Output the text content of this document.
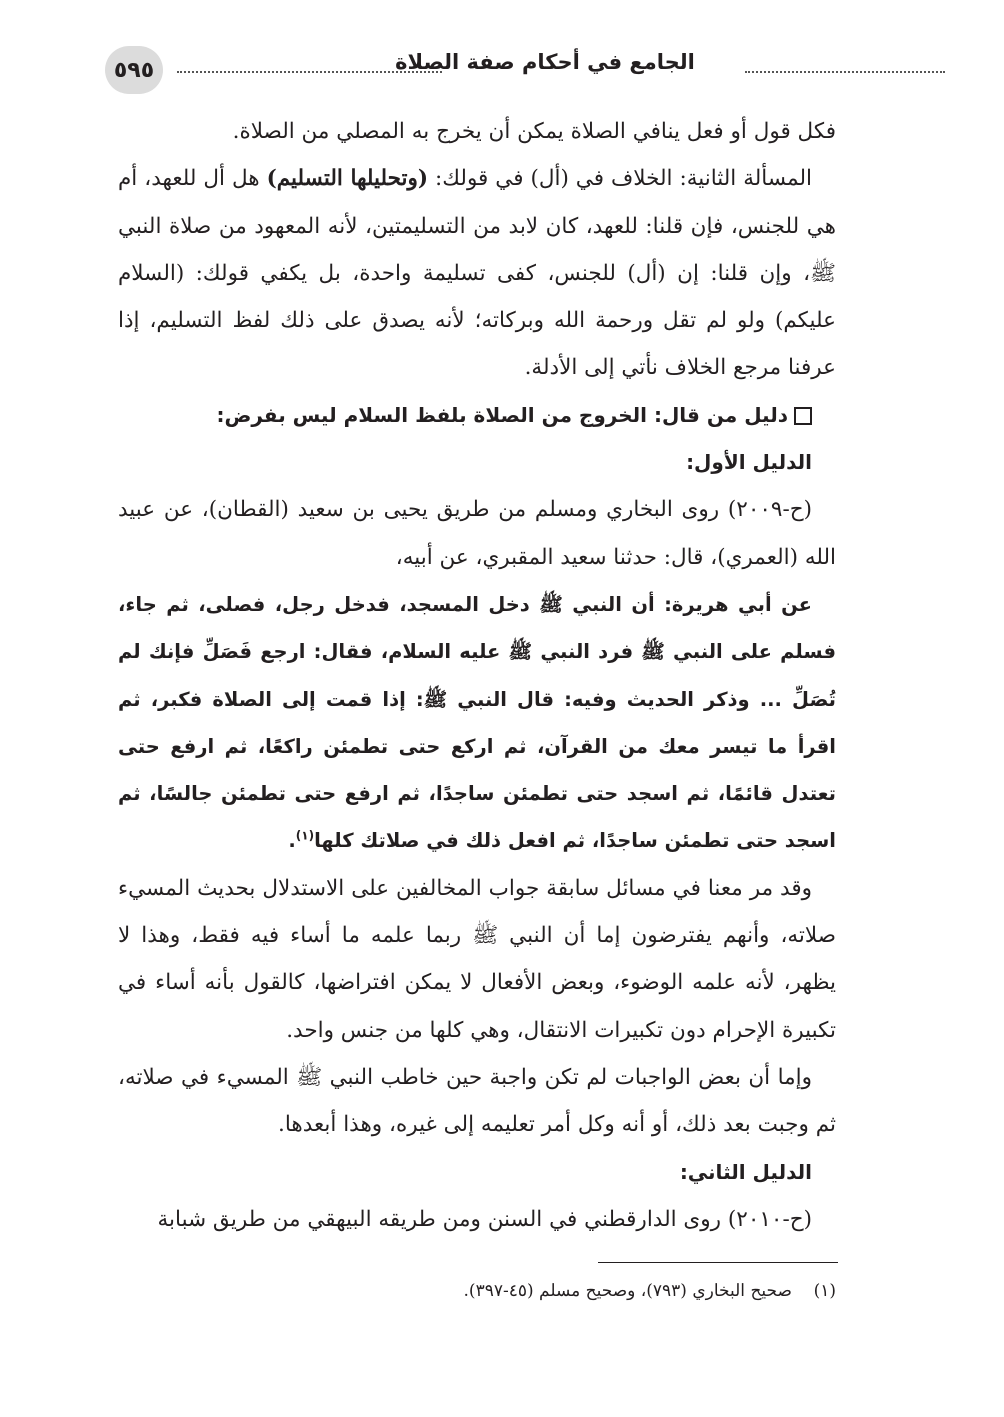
٥٩٥	الجامع في أحكام صفة الصلاة

فكل قول أو فعل ينافي الصلاة يمكن أن يخرج به المصلي من الصلاة.

المسألة الثانية: الخلاف في (أل) في قولك: (وتحليلها التسليم) هل أل للعهد، أم هي للجنس، فإن قلنا: للعهد، كان لابد من التسليمتين، لأنه المعهود من صلاة النبي ﷺ، وإن قلنا: إن (أل) للجنس، كفى تسليمة واحدة، بل يكفي قولك: (السلام عليكم) ولو لم تقل ورحمة الله وبركاته؛ لأنه يصدق على ذلك لفظ التسليم، إذا عرفنا مرجع الخلاف نأتي إلى الأدلة.

دليل من قال: الخروج من الصلاة بلفظ السلام ليس بفرض:

الدليل الأول:

(ح-٢٠٠٩) روى البخاري ومسلم من طريق يحيى بن سعيد (القطان)، عن عبيد الله (العمري)، قال: حدثنا سعيد المقبري، عن أبيه،

عن أبي هريرة: أن النبي ﷺ دخل المسجد، فدخل رجل، فصلى، ثم جاء، فسلم على النبي ﷺ فرد النبي ﷺ عليه السلام، فقال: ارجع فَصَلِّ فإنك لم تُصَلِّ ... وذكر الحديث وفيه: قال النبي ﷺ: إذا قمت إلى الصلاة فكبر، ثم اقرأ ما تيسر معك من القرآن، ثم اركع حتى تطمئن راكعًا، ثم ارفع حتى تعتدل قائمًا، ثم اسجد حتى تطمئن ساجدًا، ثم ارفع حتى تطمئن جالسًا، ثم اسجد حتى تطمئن ساجدًا، ثم افعل ذلك في صلاتك كلها$^{(١)}$.

وقد مر معنا في مسائل سابقة جواب المخالفين على الاستدلال بحديث المسيء صلاته، وأنهم يفترضون إما أن النبي ﷺ ربما علمه ما أساء فيه فقط، وهذا لا يظهر، لأنه علمه الوضوء، وبعض الأفعال لا يمكن افتراضها، كالقول بأنه أساء في تكبيرة الإحرام دون تكبيرات الانتقال، وهي كلها من جنس واحد.

وإما أن بعض الواجبات لم تكن واجبة حين خاطب النبي ﷺ المسيء في صلاته، ثم وجبت بعد ذلك، أو أنه وكل أمر تعليمه إلى غيره، وهذا أبعدها.

الدليل الثاني:

(ح-٢٠١٠) روى الدارقطني في السنن ومن طريقه البيهقي من طريق شبابة

(١)    صحيح البخاري (٧٩٣)، وصحيح مسلم (٤٥-٣٩٧).
